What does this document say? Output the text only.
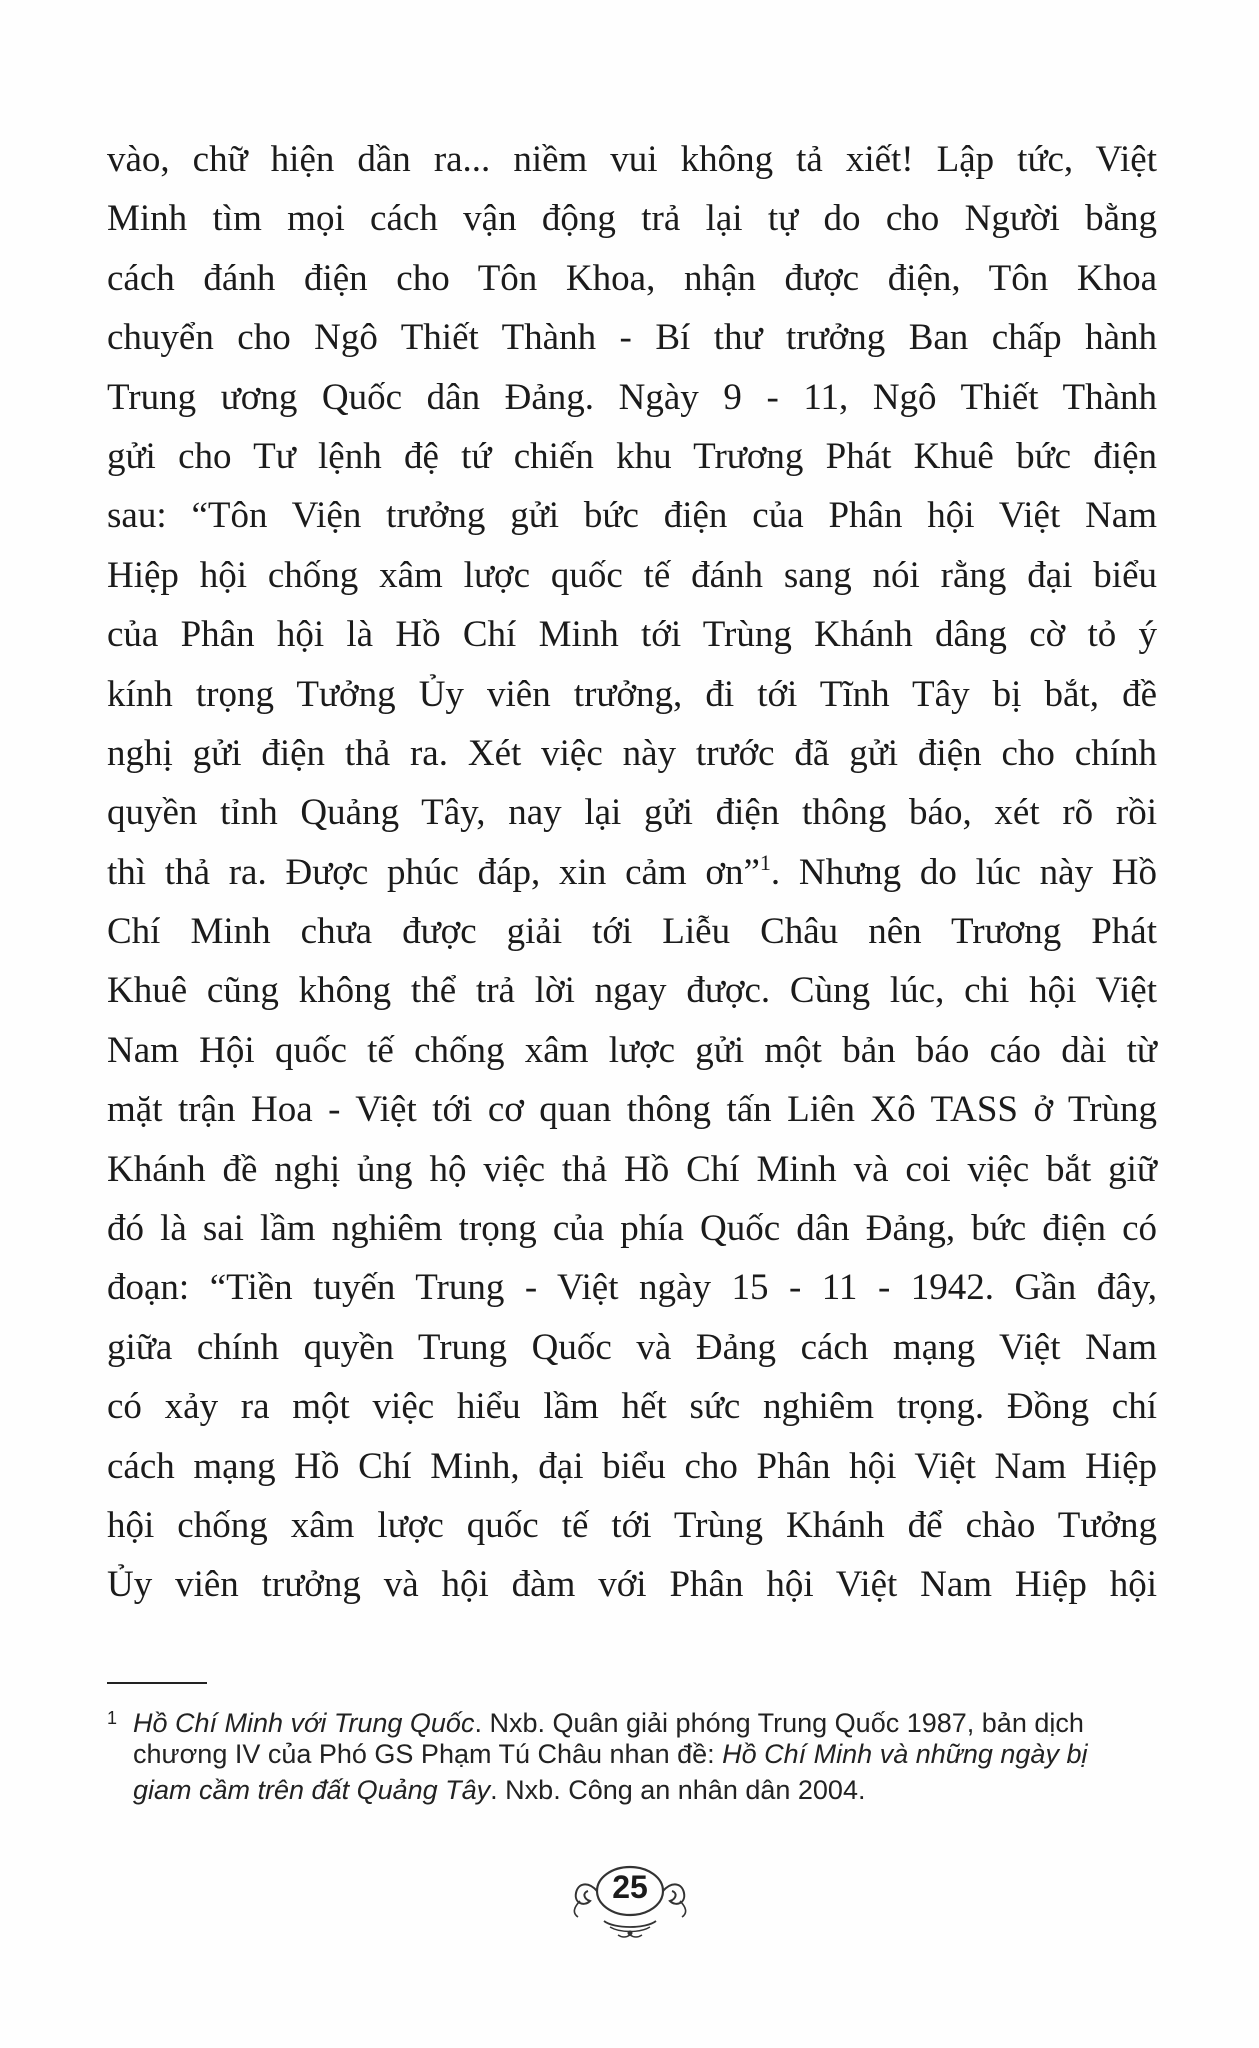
vào, chữ hiện dần ra... niềm vui không tả xiết! Lập tức, Việt
Minh tìm mọi cách vận động trả lại tự do cho Người bằng
cách đánh điện cho Tôn Khoa, nhận được điện, Tôn Khoa
chuyển cho Ngô Thiết Thành - Bí thư trưởng Ban chấp hành
Trung ương Quốc dân Đảng. Ngày 9 - 11, Ngô Thiết Thành
gửi cho Tư lệnh đệ tứ chiến khu Trương Phát Khuê bức điện
sau: “Tôn Viện trưởng gửi bức điện của Phân hội Việt Nam
Hiệp hội chống xâm lược quốc tế đánh sang nói rằng đại biểu
của Phân hội là Hồ Chí Minh tới Trùng Khánh dâng cờ tỏ ý
kính trọng Tưởng Ủy viên trưởng, đi tới Tĩnh Tây bị bắt, đề
nghị gửi điện thả ra. Xét việc này trước đã gửi điện cho chính
quyền tỉnh Quảng Tây, nay lại gửi điện thông báo, xét rõ rồi
thì thả ra. Được phúc đáp, xin cảm ơn”$^1$. Nhưng do lúc này Hồ
Chí Minh chưa được giải tới Liễu Châu nên Trương Phát
Khuê cũng không thể trả lời ngay được. Cùng lúc, chi hội Việt
Nam Hội quốc tế chống xâm lược gửi một bản báo cáo dài từ
mặt trận Hoa - Việt tới cơ quan thông tấn Liên Xô TASS ở Trùng
Khánh đề nghị ủng hộ việc thả Hồ Chí Minh và coi việc bắt giữ
đó là sai lầm nghiêm trọng của phía Quốc dân Đảng, bức điện có
đoạn: “Tiền tuyến Trung - Việt ngày 15 - 11 - 1942. Gần đây,
giữa chính quyền Trung Quốc và Đảng cách mạng Việt Nam
có xảy ra một việc hiểu lầm hết sức nghiêm trọng. Đồng chí
cách mạng Hồ Chí Minh, đại biểu cho Phân hội Việt Nam Hiệp
hội chống xâm lược quốc tế tới Trùng Khánh để chào Tưởng
Ủy viên trưởng và hội đàm với Phân hội Việt Nam Hiệp hội
1 Hồ Chí Minh với Trung Quốc. Nxb. Quân giải phóng Trung Quốc 1987, bản dịch
chương IV của Phó GS Phạm Tú Châu nhan đề: Hồ Chí Minh và những ngày bị
giam cầm trên đất Quảng Tây. Nxb. Công an nhân dân 2004.
25
